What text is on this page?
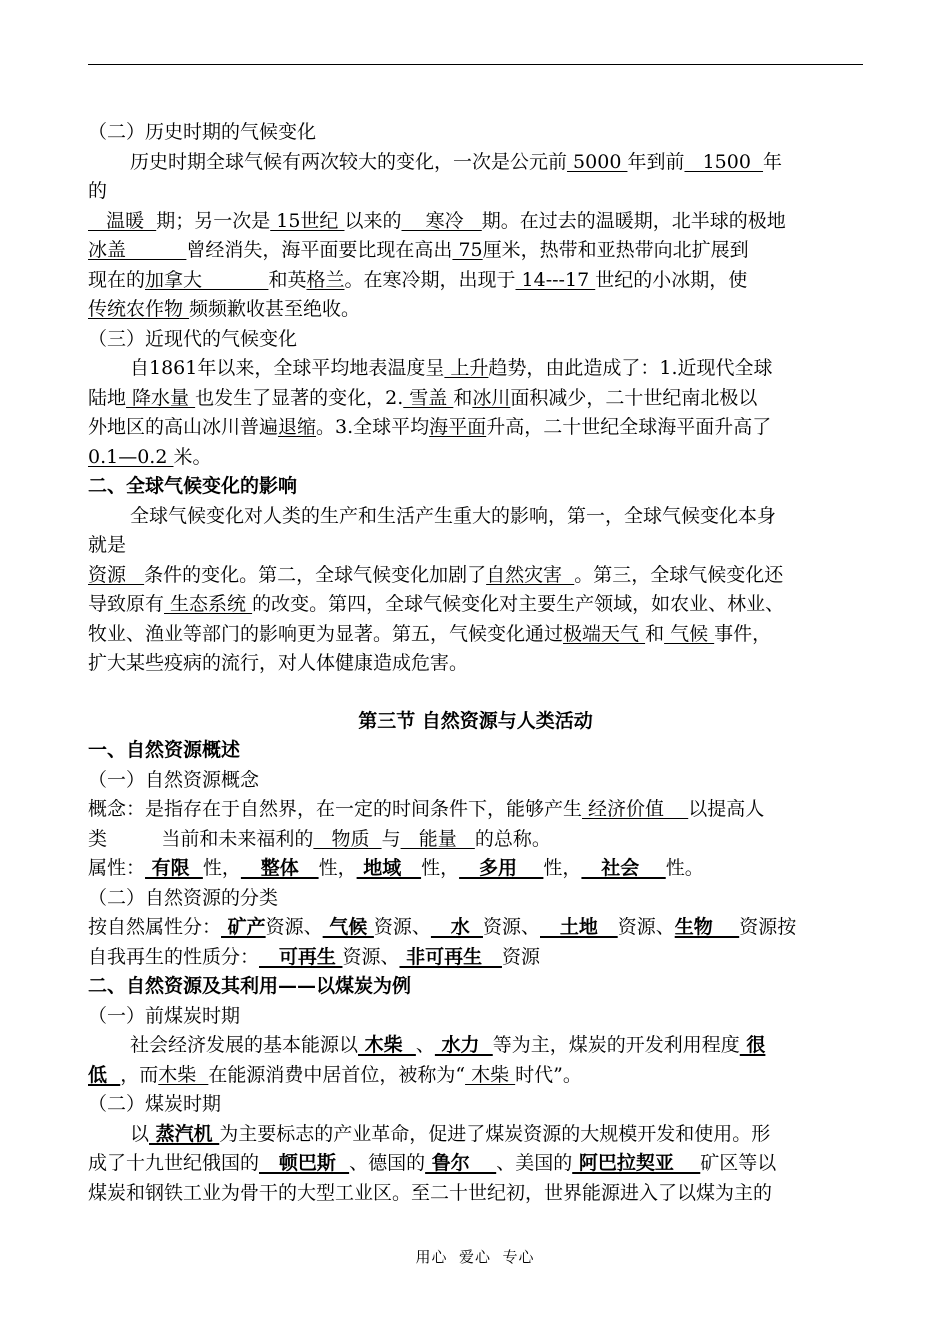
（二）历史时期的气候变化
历史时期全球气候有两次较大的变化，一次是公元前 5000 年到前   1500  年
的
温暖  期；另一次是 15世纪 以来的    寒冷   期。在过去的温暖期，北半球的极地
冰盖          曾经消失，海平面要比现在高出 75厘米，热带和亚热带向北扩展到
现在的加拿大           和英格兰。在寒冷期，出现于 14---17 世纪的小冰期，使
传统农作物 频频歉收甚至绝收。
（三）近现代的气候变化
自1861年以来，全球平均地表温度呈 上升趋势，由此造成了：1.近现代全球
陆地 降水量 也发生了显著的变化，2. 雪盖 和冰川面积减少，二十世纪南北极以
外地区的高山冰川普遍退缩。3.全球平均海平面升高，二十世纪全球海平面升高了
0.1—0.2 米。
二、全球气候变化的影响
全球气候变化对人类的生产和生活产生重大的影响，第一，全球气候变化本身
就是
资源   条件的变化。第二，全球气候变化加剧了自然灾害  。第三，全球气候变化还
导致原有 生态系统 的改变。第四，全球气候变化对主要生产领域，如农业、林业、
牧业、渔业等部门的影响更为显著。第五，气候变化通过极端天气 和 气候 事件，
扩大某些疫病的流行，对人体健康造成危害。
第三节 自然资源与人类活动
一、自然资源概述
（一）自然资源概念
概念：是指存在于自然界，在一定的时间条件下，能够产生 经济价值    以提高人
类         当前和未来福利的   物质  与   能量   的总称。
属性： 有限  性，   整体   性， 地域   性，   多用    性，   社会    性。
（二）自然资源的分类
按自然属性分： 矿产资源、 气候 资源、   水  资源、   土地   资源、生物    资源按
自我再生的性质分：   可再生 资源、 非可再生   资源
二、自然资源及其利用——以煤炭为例
（一）前煤炭时期
社会经济发展的基本能源以 木柴  、 水力  等为主，煤炭的开发利用程度 很
低  ，而木柴  在能源消费中居首位，被称为“ 木柴 时代”。
（二）煤炭时期
以 蒸汽机 为主要标志的产业革命，促进了煤炭资源的大规模开发和使用。形
成了十九世纪俄国的   顿巴斯  、德国的 鲁尔    、美国的 阿巴拉契亚    矿区等以
煤炭和钢铁工业为骨干的大型工业区。至二十世纪初，世界能源进入了以煤为主的
用心  爱心  专心
